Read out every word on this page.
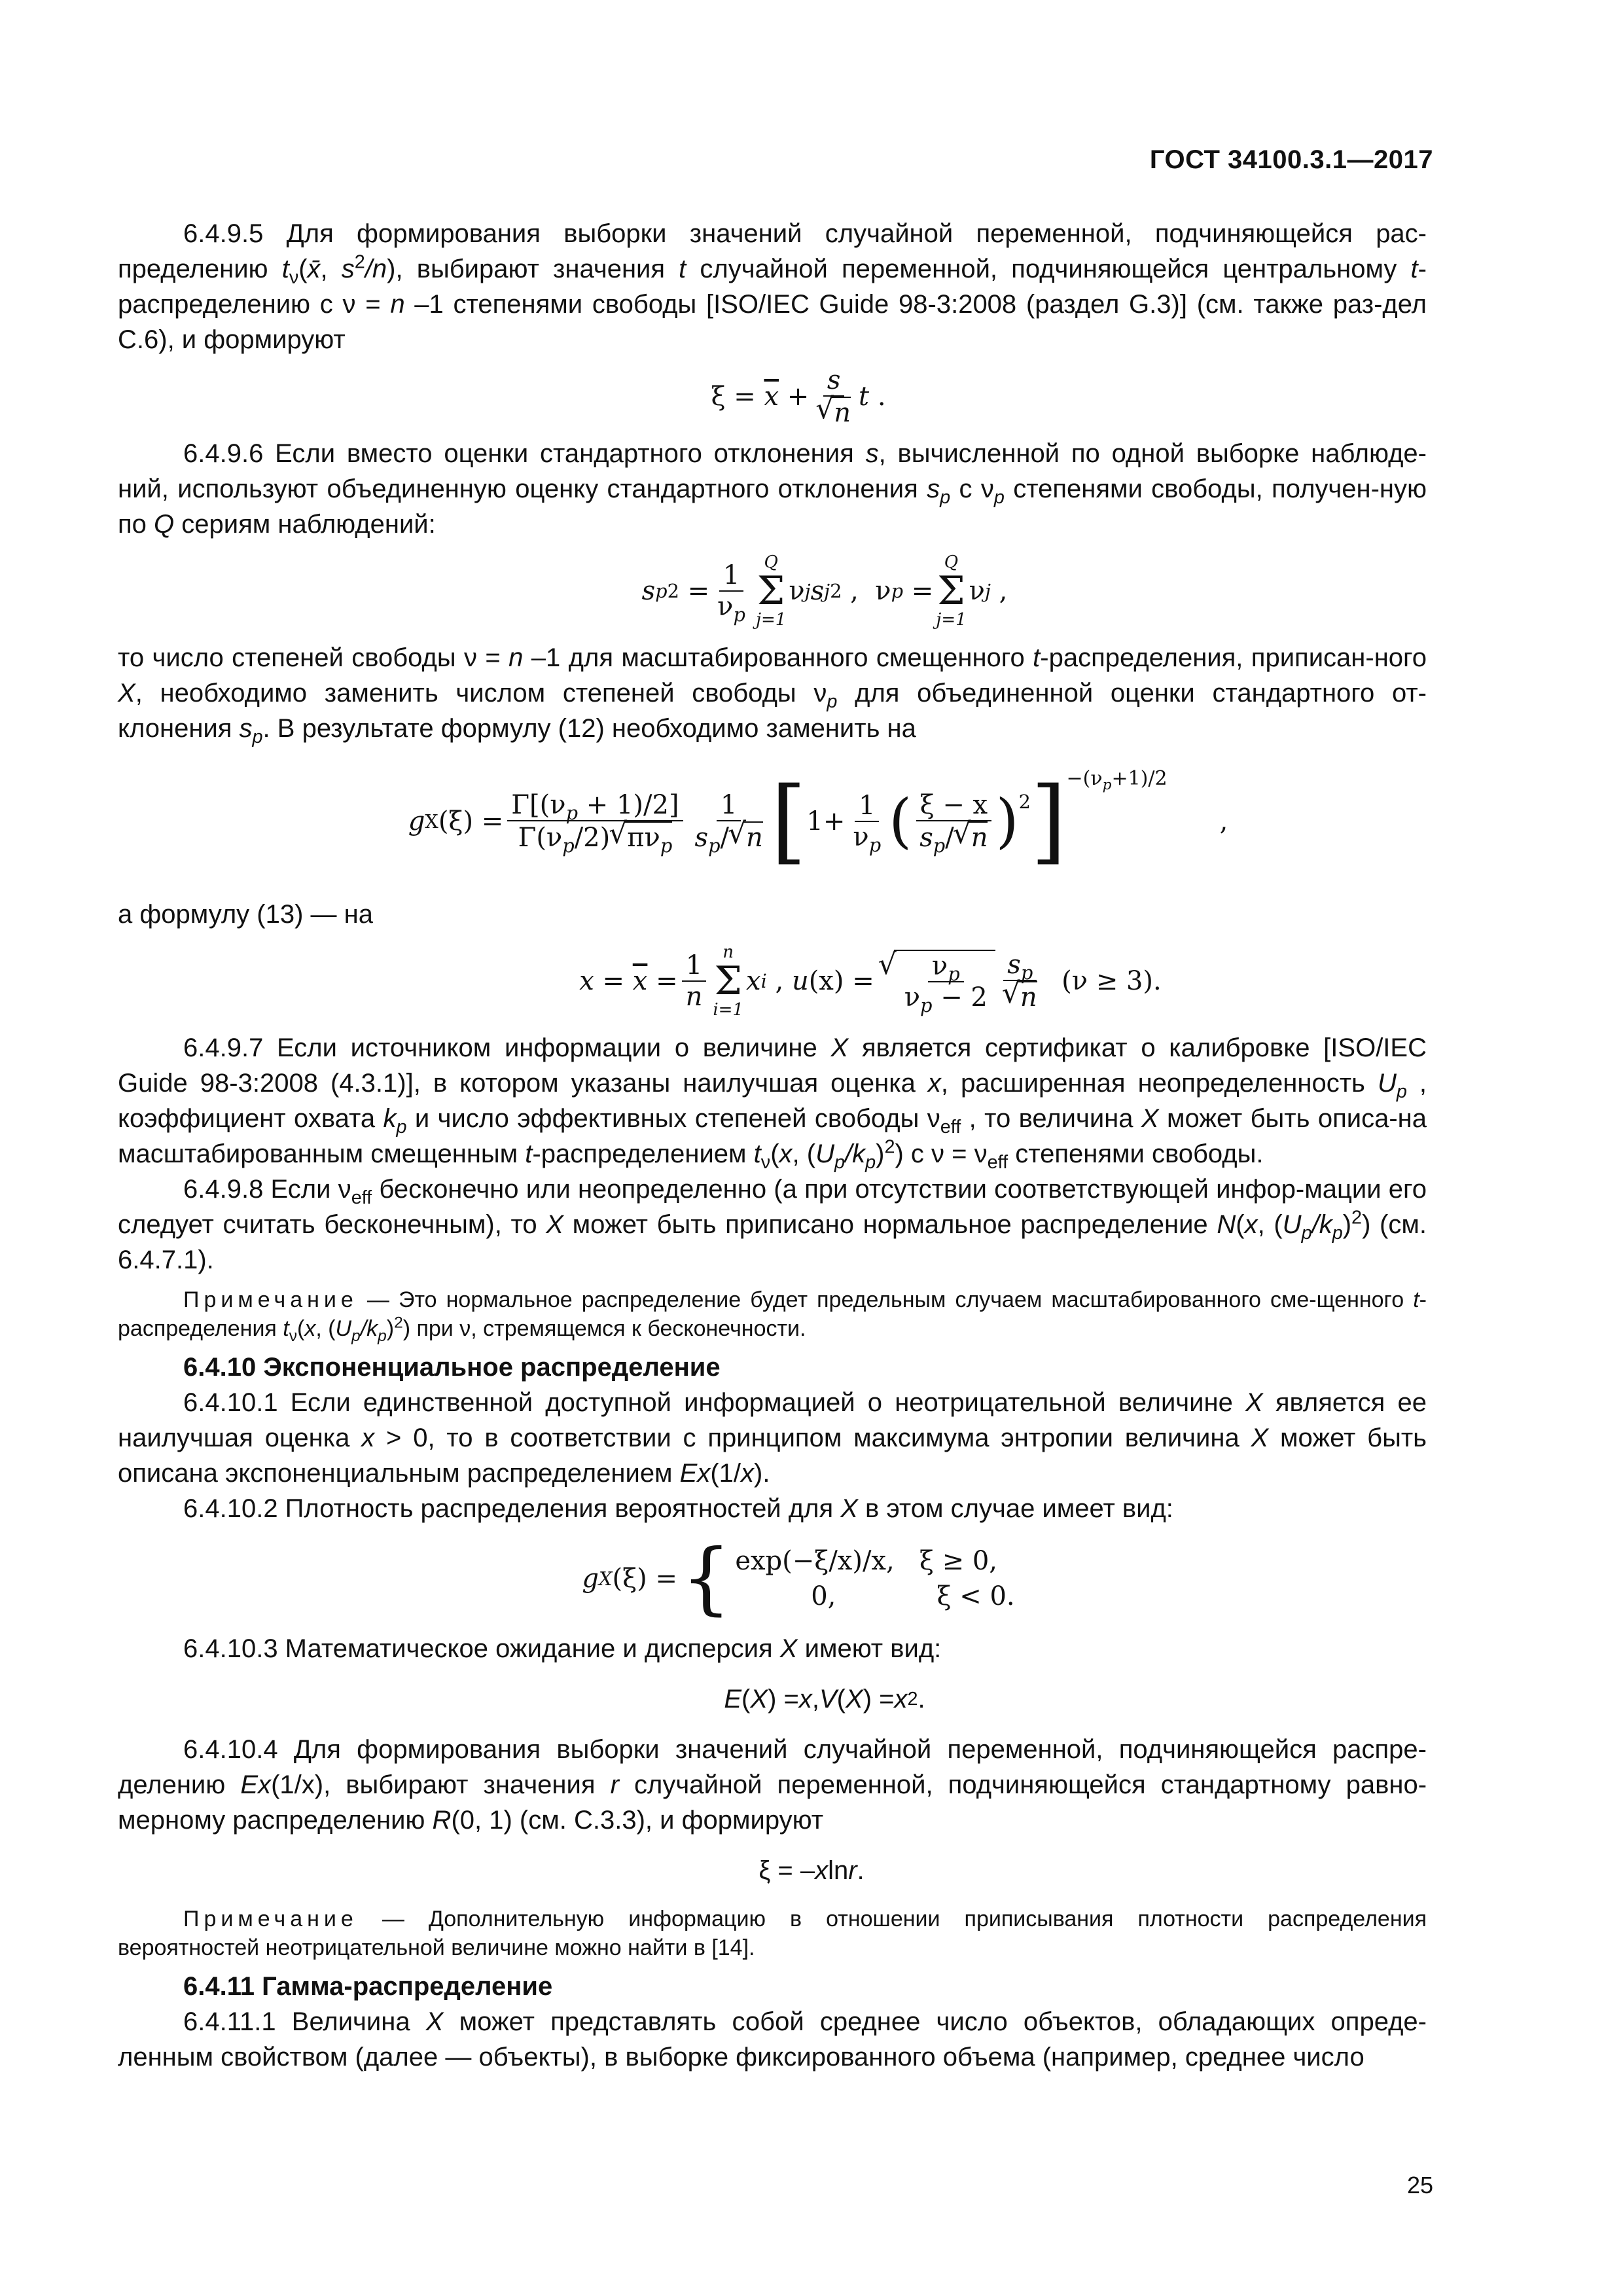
ГОСТ 34100.3.1—2017

6.4.9.5 Для формирования выборки значений случайной переменной, подчиняющейся рас-пределению $t_\nu(x̄$, $s^2/n$), выбирают значения t случайной переменной, подчиняющейся центральному t-распределению с ν = n –1 степенями свободы [ISO/IEC Guide 98-3:2008 (раздел G.3)] (см. также раз-дел С.6), и формируют

ξ
=
$\overline{x}$
+ s
√ n t
.

6.4.9.6 Если вместо оценки стандартного отклонения s, вычисленной по одной выборке наблюде-ний, используют объединенную оценку стандартного отклонения $s_p$ с $\nu_p$ степенями свободы, получен-ную по Q сериям наблюдений:

s p 2
= $\frac{1}{\nu_p}$ Q
Σ
j=1
ν j s j 2
,
ν p
=
Q
Σ
j=1
ν j
,

то число степеней свободы ν = n –1 для масштабированного смещенного t-распределения, приписан-ного X, необходимо заменить числом степеней свободы $\nu_p$ для объединенной оценки стандартного от-клонения $s_p$. В результате формулу (12) необходимо заменить на

g X (ξ)
= $\frac{\Gamma[(\nu_p + 1)/2]}{\Gamma(\nu_p/2) √ \pi\nu_p} \frac{1}{s_p/ √ n}$ [ $1+ \frac{1}{\nu_p}$ ( $\frac{\xi - x}{s_p/ √ n} )^2$ ] $^{-(\nu_p+1)/2}$
,

а формулу (13) — на

x
=
$\overline{x}$
= $\frac{1}{n}$ n
Σ
i=1
x i
,
u (x)
= √ $\frac{\nu_p}{\nu_p - 2} s_p$
√ n
(ν ≥ 3).

6.4.9.7 Если источником информации о величине X является сертификат о калибровке [ISO/IEC Guide 98-3:2008 (4.3.1)], в котором указаны наилучшая оценка x, расширенная неопределенность $U_p$ , коэффициент охвата $k_p$ и число эффективных степеней свободы $\nu_{eff}$ , то величина X может быть описа-на масштабированным смещенным t-распределением $t_\nu(x$, $(U_p/k_p)^2$) с $\nu = \nu_{eff}$ степенями свободы.

6.4.9.8 Если $\nu_{eff}$ бесконечно или неопределенно (а при отсутствии соответствующей инфор-мации его следует считать бесконечным), то X может быть приписано нормальное распределение N(x, $(U_p/k_p)^2$) (см. 6.4.7.1).

Примечание — Это нормальное распределение будет предельным случаем масштабированного сме-щенного t-распределения $t_\nu(x$, $(U_p/k_p)^2$) при ν, стремящемся к бесконечности.

6.4.10 Экспоненциальное распределение

6.4.10.1 Если единственной доступной информацией о неотрицательной величине X является ее наилучшая оценка x > 0, то в соответствии с принципом максимума энтропии величина X может быть описана экспоненциальным распределением Ex(1/x).

6.4.10.2 Плотность распределения вероятностей для X в этом случае имеет вид:

g X (ξ)
= { exp(−ξ/x)/x, ξ ≥ 0,
0,	ξ < 0.

6.4.10.3 Математическое ожидание и дисперсия X имеют вид:

E ( X ) = x , V ( X ) = x 2 .

6.4.10.4 Для формирования выборки значений случайной переменной, подчиняющейся распре-делению Ex(1/x), выбирают значения r случайной переменной, подчиняющейся стандартному равно-мерному распределению R(0, 1) (см. С.3.3), и формируют

ξ = – x ln r .

Примечание — Дополнительную информацию в отношении приписывания плотности распределения вероятностей неотрицательной величине можно найти в [14].

6.4.11 Гамма-распределение

6.4.11.1 Величина X может представлять собой среднее число объектов, обладающих опреде-ленным свойством (далее — объекты), в выборке фиксированного объема (например, среднее число

25
